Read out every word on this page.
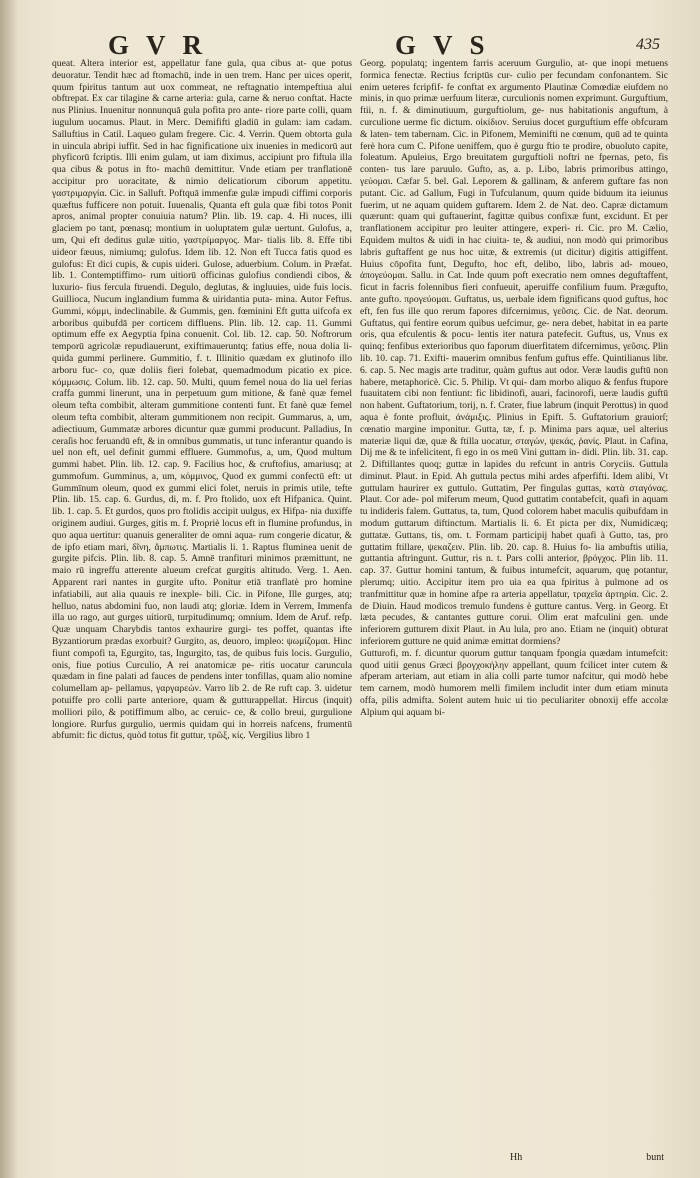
GVR	GVS	435

queat. Altera interior est, appellatur fane gula, qua cibus at- que potus deuoratur. Tendit hæc ad ftomachū, inde in uen trem. Hanc per uices operit, quum fpiritus tantum aut uox commeat, ne reftagnatio intempeftiua alui obftrepat. Ex car tilagine & carne arteria: gula, carne & neruo conftat. Hacte nus Plinius. Inuenitur nonnunquā gula pofita pro ante- riore parte colli, quam iugulum uocamus. Plaut. in Merc. Demififti gladiū in gulam: iam cadam. Salluftius in Catil. Laqueo gulam fregere. Cic. 4. Verrin. Quem obtorta gula in uincula abripi iuffit. Sed in hac fignificatione uix inuenies in medicorū aut phyficorū fcriptis. Illi enim gulam, ut iam diximus, accipiunt pro fiftula illa qua cibus & potus in fto- machū demittitur. Vnde etiam per tranflationē accipitur pro uoracitate, & nimio delicatiorum ciborum appetitu. γαστριμαργία. Cic. in Salluft. Poftquā immenfæ gulæ impudi ciffimi corporis quæftus fufficere non potuit. Iuuenalis, Quanta eft gula quæ fibi totos Ponit apros, animal propter conuiuia natum? Plin. lib. 19. cap. 4. Hi nuces, illi glaciem po tant, pœnasq; montium in uoluptatem gulæ uertunt. Gulofus, a, um, Qui eft deditus gulæ uitio, γαστρίμαργος. Mar- tialis lib. 8. Effe tibi uideor fæuus, nimiumq; gulofus. Idem lib. 12. Non eft Tucca fatis quod es gulofus: Et dici cupis, & cupis uideri. Gulose, aduerbium. Colum. in Præfat. lib. 1. Contemptiffimo- rum uitiorū officinas gulofius condiendi cibos, & luxurio- fius fercula ftruendi. Degulo, deglutas, & ingluuies, uide fuis locis. Guillioca, Nucum inglandium fumma & uiridantia puta- mina. Autor Feftus. Gummi, κόμμι, indeclinabile. & Gummis, gen. fœminini Eft gutta uifcofa ex arboribus quibufdā per corticem diffluens. Plin. lib. 12. cap. 11. Gummi optimum effe ex Aegyptia fpina conuenit. Col. lib. 12. cap. 50. Noftrorum temporū agricolæ repudiauerunt, exiftimaueruntq; fatius effe, noua dolia li- quida gummi perlinere. Gummitio, f. t. Illinitio quædam ex glutinofo illo arboru fuc- co, quæ doliis fieri folebat, quemadmodum picatio ex pice. κόμμωσις. Colum. lib. 12. cap. 50. Multi, quum femel noua do lia uel ferias craffa gummi linerunt, una in perpetuum gum mitione, & fanè quæ femel oleum tefta combibit, alteram gummitione contenti funt. Et fanè quæ femel oleum tefta combibit, alteram gummitionem non recipit. Gummarus, a, um, adiectiuum, Gummatæ arbores dicuntur quæ gummi producunt. Palladius, In ceraſis hoc feruandū eft, & in omnibus gummatis, ut tunc inferantur quando is uel non eft, uel definit gummi effluere. Gummofus, a, um, Quod multum gummi habet. Plin. lib. 12. cap. 9. Facilius hoc, & cruftofius, amariusq; at gummofum. Gumminus, a, um, κόμμινος, Quod ex gummi confectū eft: ut Gummīnum oleum, quod ex gummi elici folet, neruis in primis utile, tefte Plin. lib. 15. cap. 6. Gurdus, di, m. f. Pro ftolido, uox eft Hifpanica. Quint. lib. 1. cap. 5. Et gurdos, quos pro ftolidis accipit uulgus, ex Hifpa- nia duxiffe originem audiui. Gurges, gitis m. f. Propriè locus eft in flumine profundus, in quo aqua uertitur: quanuis generaliter de omni aqua- rum congerie dicatur, & de ipfo etiam mari, δῖνη, ἄμπωτις. Martialis li. 1. Raptus fluminea uenit de gurgite pifcis. Plin. lib. 8. cap. 5. Amnē tranfituri minimos præmittunt, ne maio rū ingreffu atterente alueum crefcat gurgitis altitudo. Verg. 1. Aen. Apparent rari nantes in gurgite ufto. Ponitur etiā tranflatè pro homine infatiabili, aut alia quauis re inexple- bili. Cic. in Pifone, Ille gurges, atq; helluo, natus abdomini fuo, non laudi atq; gloriæ. Idem in Verrem, Immenfa illa uo rago, aut gurges uitiorū, turpitudinumq; omnium. Idem de Aruf. refp. Quæ unquam Charybdis tantos exhaurire gurgi- tes poffet, quantas ifte Byzantiorum prædas exorbuit? Gurgito, as, deuoro, impleo: ψωμίζομαι. Hinc fiunt compofi ta, Egurgito, tas, Ingurgito, tas, de quibus fuis locis. Gurgulio, onis, fiue potius Curculio, A rei anatomicæ pe- ritis uocatur caruncula quædam in fine palati ad fauces de pendens inter tonfillas, quam alio nomine columellam ap- pellamus, γαργαρεών. Varro lib 2. de Re ruft cap. 3. uidetur potuiffe pro colli parte anteriore, quam & gutturappellat. Hircus (inquit) molliori pilo, & potiffimum albo, ac ceruic- ce, & collo breui, gurgulione longiore. Rurfus gurgulio, uermis quidam qui in horreis nafcens, frumentū abfumit: fic dictus, quòd totus fit guttur, τρῶξ, κίς. Vergilius libro 1

Georg. populatq; ingentem farris aceruum Gurgulio, at- que inopi metuens formica fenectæ. Rectius fcriptūs cur- culio per fecundam confonantem. Sic enim ueteres fcripfif- fe conftat ex argumento Plautinæ Comœdiæ eiufdem no minis, in quo primæ uerfuum literæ, curculionis nomen exprimunt. Gurguftium, ftii, n. f. & diminutiuum, gurguftiolum, ge- nus habitationis anguftum, à curculione uerme fic dictum. οἰκίδιον. Seruius docet gurguftium effe obfcuram & laten- tem tabernam. Cic. in Pifonem, Meminifti ne cœnum, quū ad te quinta ferè hora cum C. Pifone ueniffem, quo è gurgu ftio te prodire, obuoluto capite, foleatum. Apuleius, Ergo breuitatem gurguftioli noftri ne fpernas, peto, fis conten- tus lare paruulo. Gufto, as, a. p. Libo, labris primoribus attingo, γεύομαι. Cæfar 5. bel. Gal. Leporem & gallinam, & anferem guftare fas non putant. Cic. ad Gallum, Fugi in Tufculanum, quum quide biduum ita ieiunus fuerim, ut ne aquam quidem guftarem. Idem 2. de Nat. deo. Capræ dictamum quærunt: quam qui guftauerint, fagittæ quibus confixæ funt, excidunt. Et per tranflationem accipitur pro leuiter attingere, experi- ri. Cic. pro M. Cælio, Equidem multos & uidi in hac ciuita- te, & audiui, non modò qui primoribus labris guftaffent ge nus hoc uitæ, & extremis (ut dicitur) digitis attigiffent. Huius cōpofita funt, Degufto, hoc eft, delibo, libo, labris ad- moueo, ἀπογεύομαι. Sallu. in Cat. Inde quum poft execratio nem omnes deguftaffent, ficut in facris folennibus fieri confueuit, aperuiffe confilium fuum. Prægufto, ante gufto. προγεύομαι. Guftatus, us, uerbale idem fignificans quod guftus, hoc eft, fen fus ille quo rerum fapores difcernimus, γεῦσις. Cic. de Nat. deorum. Guftatus, qui fentire eorum quibus uefcimur, ge- nera debet, habitat in ea parte oris, qua efculentis & pocu- lentis iter natura patefecit. Guftus, us, Vnus ex quinq; fenfibus exterioribus quo faporum diuerfitatem difcernimus, γεῦσις. Plin lib. 10. cap. 71. Exifti- mauerim omnibus fenfum guftus effe. Quintilianus libr. 6. cap. 5. Nec magis arte traditur, quàm guftus aut odor. Veræ laudis guftū non habere, metaphoricè. Cic. 5. Philip. Vt qui- dam morbo aliquo & fenfus ftupore fuauitatem cibi non fentiunt: fic libidinofi, auari, facinorofi, ueræ laudis guftū non habent. Guftatorium, torij, n. f. Crater, fiue labrum (inquit Perottus) in quod aqua è fonte profluit, ἀνάμιξις. Plinius in Epift. 5. Guftatorium grauiorſ; cœnatio margine imponitur. Gutta, tæ, f. p. Minima pars aquæ, uel alterius materiæ liqui dæ, quæ & ftilla uocatur, σταγών, ψεκάς, ῥανίς. Plaut. in Cafina, Dij me & te infelicitent, fi ego in os meū Vini guttam in- didi. Plin. lib. 31. cap. 2. Diftillantes quoq; guttæ in lapides du refcunt in antris Coryciis. Guttula diminut. Plaut. in Epid. Ah guttula pectus mihi ardes afperfifti. Idem alibi, Vt guttulam haurirer ex guttulo. Guttatim, Per fingulas guttas, κατὰ σταγόνας. Plaut. Cor ade- pol miferum meum, Quod guttatim contabefcit, quafi in aquam tu indideris falem. Guttatus, ta, tum, Quod colorem habet maculis quibufdam in modum guttarum diftinctum. Martialis li. 6. Et picta per dix, Numidicæq; guttatæ. Guttans, tis, om. t. Formam participij habet quafi à Gutto, tas, pro guttatim ftillare, ψεκαζειν. Plin. lib. 20. cap. 8. Huius fo- lia ambuftis utilia, guttantia aftringunt. Guttur, ris n. t. Pars colli anterior, βρόγχος. Plin lib. 11. cap. 37. Guttur homini tantum, & fuibus intumefcit, aquarum, quę potantur, plerumq; uitio. Accipitur item pro uia ea qua fpiritus à pulmone ad os tranfmittitur quæ in homine afpe ra arteria appellatur, τραχεῖα ἀρτηρία. Cic. 2. de Diuin. Haud modicos tremulo fundens è gutture cantus. Verg. in Georg. Et læta pecudes, & cantantes gutture corui. Olim erat mafculini gen. unde inferiorem gutturem dixit Plaut. in Au lula, pro ano. Etiam ne (inquit) obturat inferiorem gutture ne quid animæ emittat dormiens?

Gutturofi, m. f. dicuntur quorum guttur tanquam fpongia quædam intumefcit: quod uitii genus Græci βρογχοκήλην appellant, quum fcilicet inter cutem & afperam arteriam, aut etiam in alia colli parte tumor nafcitur, qui modò hebe tem carnem, modò humorem melli fimilem includit inter dum etiam minuta offa, pilis admifta. Solent autem huic ui tio peculiariter obnoxij effe accolæ Alpium qui aquam bi-

Hh	bunt
